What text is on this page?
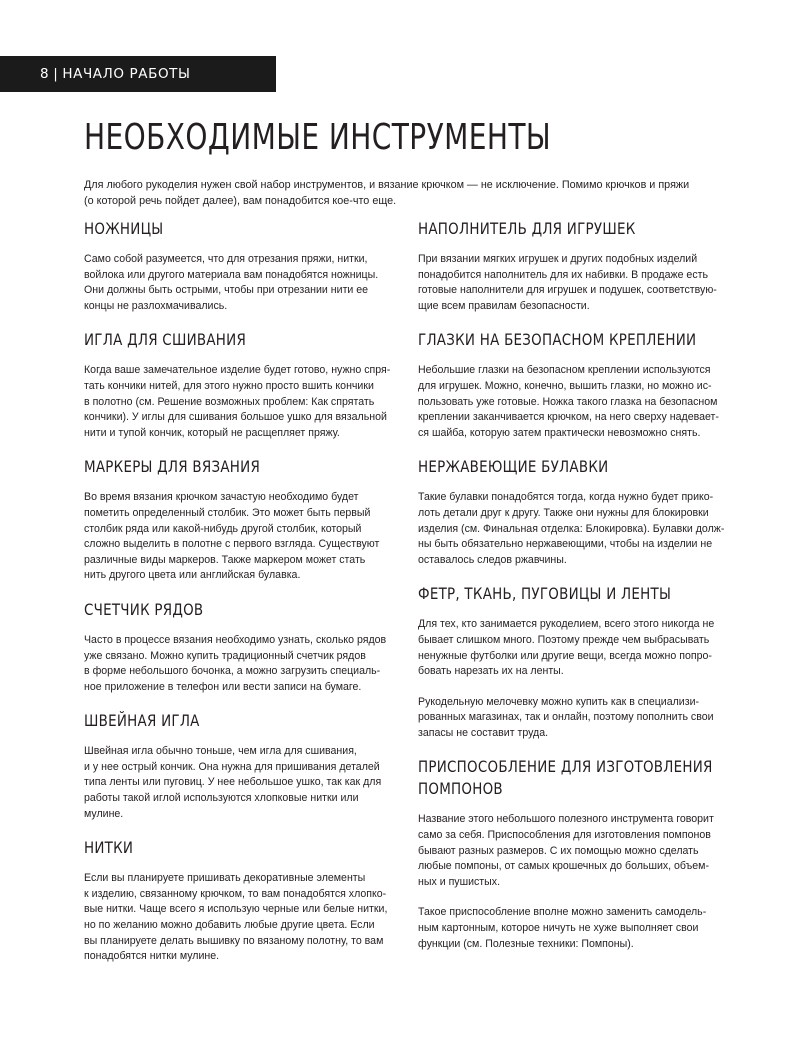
8 | НАЧАЛО РАБОТЫ
НЕОБХОДИМЫЕ ИНСТРУМЕНТЫ

Для любого рукоделия нужен свой набор инструментов, и вязание крючком — не исключение. Помимо крючков и пряжи
(о которой речь пойдет далее), вам понадобится кое-что еще.

НОЖНИЦЫ

Само собой разумеется, что для отрезания пряжи, нитки,
войлока или другого материала вам понадобятся ножницы.
Они должны быть острыми, чтобы при отрезании нити ее
концы не разлохмачивались.

ИГЛА ДЛЯ СШИВАНИЯ

Когда ваше замечательное изделие будет готово, нужно спря-
тать кончики нитей, для этого нужно просто вшить кончики
в полотно (см. Решение возможных проблем: Как спрятать
кончики). У иглы для сшивания большое ушко для вязальной
нити и тупой кончик, который не расщепляет пряжу.

МАРКЕРЫ ДЛЯ ВЯЗАНИЯ

Во время вязания крючком зачастую необходимо будет
пометить определенный столбик. Это может быть первый
столбик ряда или какой-нибудь другой столбик, который
сложно выделить в полотне с первого взгляда. Существуют
различные виды маркеров. Также маркером может стать
нить другого цвета или английская булавка.

СЧЕТЧИК РЯДОВ

Часто в процессе вязания необходимо узнать, сколько рядов
уже связано. Можно купить традиционный счетчик рядов
в форме небольшого бочонка, а можно загрузить специаль-
ное приложение в телефон или вести записи на бумаге.

ШВЕЙНАЯ ИГЛА

Швейная игла обычно тоньше, чем игла для сшивания,
и у нее острый кончик. Она нужна для пришивания деталей
типа ленты или пуговиц. У нее небольшое ушко, так как для
работы такой иглой используются хлопковые нитки или
мулине.

НИТКИ

Если вы планируете пришивать декоративные элементы
к изделию, связанному крючком, то вам понадобятся хлопко-
вые нитки. Чаще всего я использую черные или белые нитки,
но по желанию можно добавить любые другие цвета. Если
вы планируете делать вышивку по вязаному полотну, то вам
понадобятся нитки мулине.

НАПОЛНИТЕЛЬ ДЛЯ ИГРУШЕК

При вязании мягких игрушек и других подобных изделий
понадобится наполнитель для их набивки. В продаже есть
готовые наполнители для игрушек и подушек, соответствую-
щие всем правилам безопасности.

ГЛАЗКИ НА БЕЗОПАСНОМ КРЕПЛЕНИИ

Небольшие глазки на безопасном креплении используются
для игрушек. Можно, конечно, вышить глазки, но можно ис-
пользовать уже готовые. Ножка такого глазка на безопасном
креплении заканчивается крючком, на него сверху надевает-
ся шайба, которую затем практически невозможно снять.

НЕРЖАВЕЮЩИЕ БУЛАВКИ

Такие булавки понадобятся тогда, когда нужно будет прико-
лоть детали друг к другу. Также они нужны для блокировки
изделия (см. Финальная отделка: Блокировка). Булавки долж-
ны быть обязательно нержавеющими, чтобы на изделии не
оставалось следов ржавчины.

ФЕТР, ТКАНЬ, ПУГОВИЦЫ И ЛЕНТЫ

Для тех, кто занимается рукоделием, всего этого никогда не
бывает слишком много. Поэтому прежде чем выбрасывать
ненужные футболки или другие вещи, всегда можно попро-
бовать нарезать их на ленты.

Рукодельную мелочевку можно купить как в специализи-
рованных магазинах, так и онлайн, поэтому пополнить свои
запасы не составит труда.

ПРИСПОСОБЛЕНИЕ ДЛЯ ИЗГОТОВЛЕНИЯ
ПОМПОНОВ

Название этого небольшого полезного инструмента говорит
само за себя. Приспособления для изготовления помпонов
бывают разных размеров. С их помощью можно сделать
любые помпоны, от самых крошечных до больших, объем-
ных и пушистых.

Такое приспособление вполне можно заменить самодель-
ным картонным, которое ничуть не хуже выполняет свои
функции (см. Полезные техники: Помпоны).
